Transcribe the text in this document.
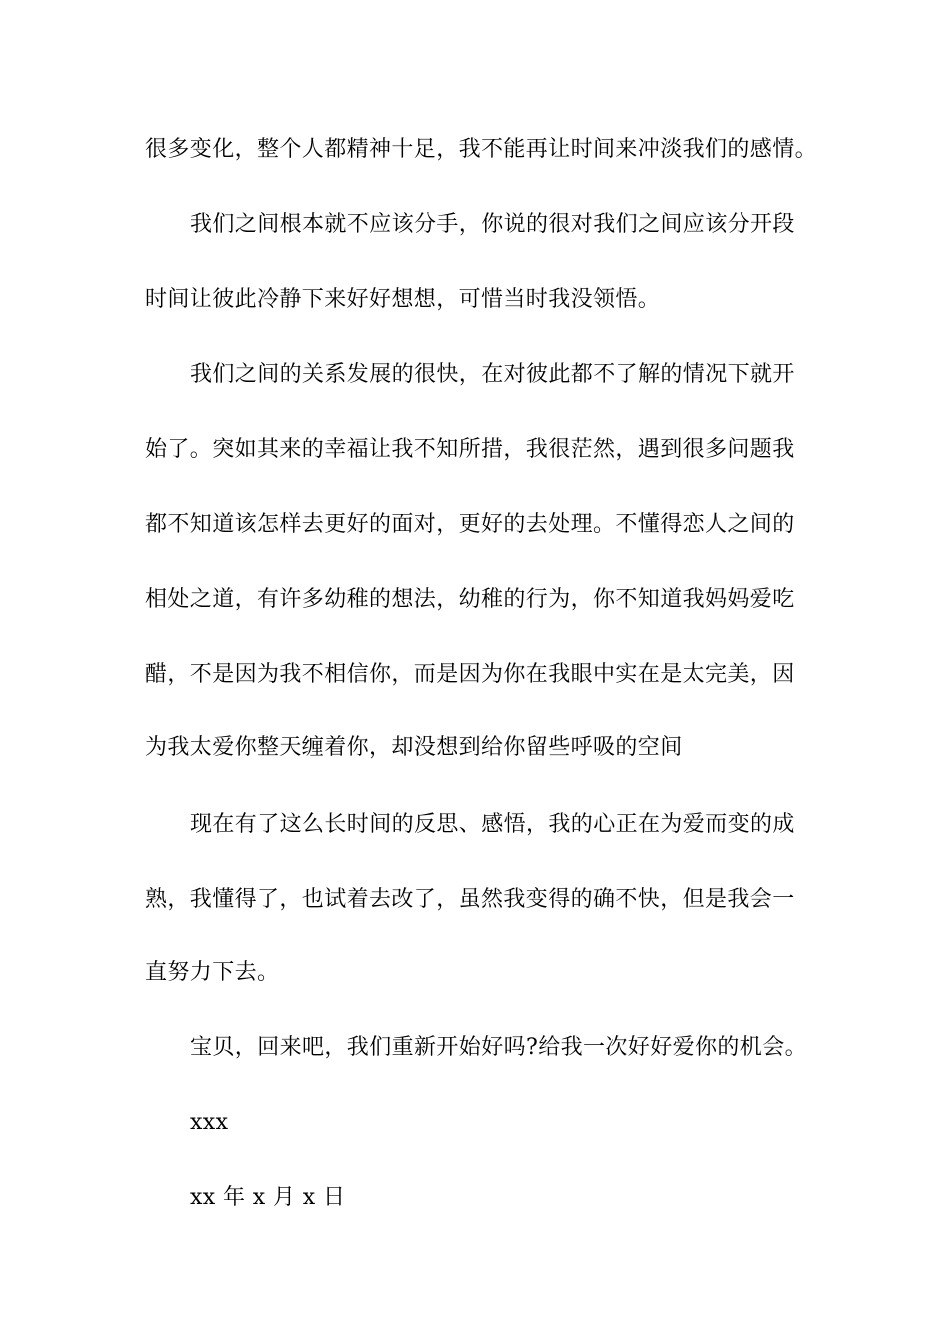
很多变化，整个人都精神十足，我不能再让时间来冲淡我们的感情。
我们之间根本就不应该分手，你说的很对我们之间应该分开段
时间让彼此冷静下来好好想想，可惜当时我没领悟。
我们之间的关系发展的很快，在对彼此都不了解的情况下就开
始了。突如其来的幸福让我不知所措，我很茫然，遇到很多问题我
都不知道该怎样去更好的面对，更好的去处理。不懂得恋人之间的
相处之道，有许多幼稚的想法，幼稚的行为，你不知道我妈妈爱吃
醋，不是因为我不相信你，而是因为你在我眼中实在是太完美，因
为我太爱你整天缠着你，却没想到给你留些呼吸的空间
现在有了这么长时间的反思、感悟，我的心正在为爱而变的成
熟，我懂得了，也试着去改了，虽然我变得的确不快，但是我会一
直努力下去。
宝贝，回来吧，我们重新开始好吗?给我一次好好爱你的机会。
xxx
xx 年 x 月 x 日
